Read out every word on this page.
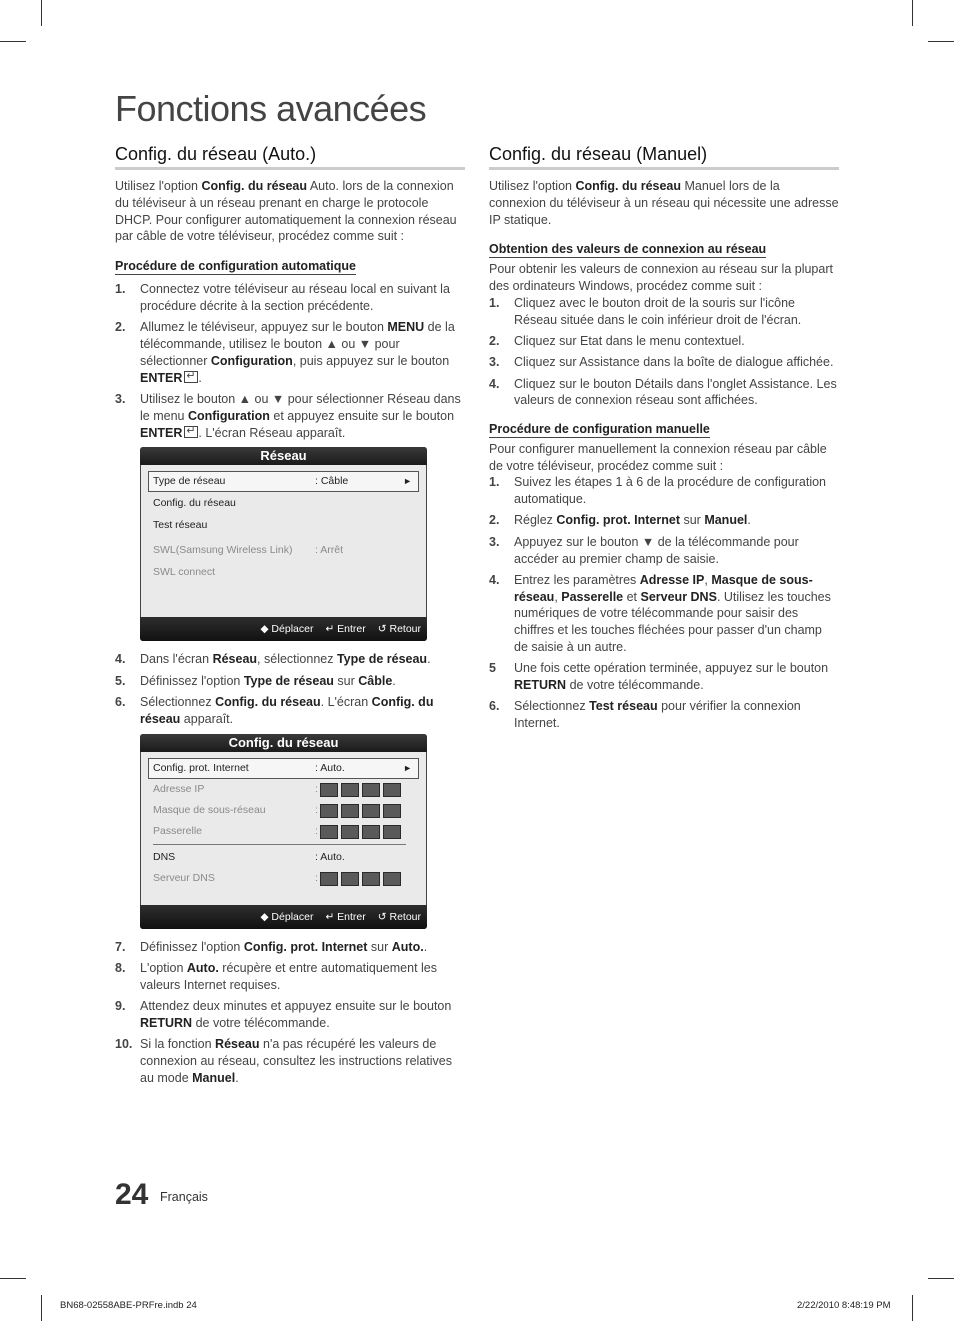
Fonctions avancées
Config. du réseau (Auto.)

Utilisez l'option Config. du réseau Auto. lors de la connexion du téléviseur à un réseau prenant en charge le protocole DHCP. Pour configurer automatiquement la connexion réseau par câble de votre téléviseur, procédez comme suit :

Procédure de configuration automatique
1. Connectez votre téléviseur au réseau local en suivant la procédure décrite à la section précédente.
2. Allumez le téléviseur, appuyez sur le bouton MENU de la télécommande, utilisez le bouton ▲ ou ▼ pour sélectionner Configuration, puis appuyez sur le bouton ENTER ↵ .
3. Utilisez le bouton ▲ ou ▼ pour sélectionner Réseau dans le menu Configuration et appuyez ensuite sur le bouton ENTER ↵ . L'écran Réseau apparaît.
Réseau
Type de réseau	: Câble	►
Config. du réseau
Test réseau
SWL(Samsung Wireless Link) : Arrêt
SWL connect
◆ Déplacer ↵ Entrer ↺ Retour
4. Dans l'écran Réseau, sélectionnez Type de réseau.
5. Définissez l'option Type de réseau sur Câble.
6. Sélectionnez Config. du réseau. L'écran Config. du réseau apparaît.
Config. du réseau
Config. prot. Internet	: Auto.	►
Adresse IP	:
Masque de sous-réseau	:
Passerelle	:
DNS	: Auto.
Serveur DNS	:
◆ Déplacer ↵ Entrer ↺ Retour
7. Définissez l'option Config. prot. Internet sur Auto..
8. L'option Auto. récupère et entre automatiquement les valeurs Internet requises.
9. Attendez deux minutes et appuyez ensuite sur le bouton RETURN de votre télécommande.
10. Si la fonction Réseau n'a pas récupéré les valeurs de connexion au réseau, consultez les instructions relatives au mode Manuel.
Config. du réseau (Manuel)

Utilisez l'option Config. du réseau Manuel lors de la connexion du téléviseur à un réseau qui nécessite une adresse IP statique.

Obtention des valeurs de connexion au réseau

Pour obtenir les valeurs de connexion au réseau sur la plupart des ordinateurs Windows, procédez comme suit :

1. Cliquez avec le bouton droit de la souris sur l'icône Réseau située dans le coin inférieur droit de l'écran.
2. Cliquez sur Etat dans le menu contextuel.
3. Cliquez sur Assistance dans la boîte de dialogue affichée.
4. Cliquez sur le bouton Détails dans l'onglet Assistance. Les valeurs de connexion réseau sont affichées.
Procédure de configuration manuelle

Pour configurer manuellement la connexion réseau par câble de votre téléviseur, procédez comme suit :

1. Suivez les étapes 1 à 6 de la procédure de configuration automatique.
2. Réglez Config. prot. Internet sur Manuel.
3. Appuyez sur le bouton ▼ de la télécommande pour accéder au premier champ de saisie.
4. Entrez les paramètres Adresse IP, Masque de sous-réseau, Passerelle et Serveur DNS. Utilisez les touches numériques de votre télécommande pour saisir des chiffres et les touches fléchées pour passer d'un champ de saisie à un autre.
5 Une fois cette opération terminée, appuyez sur le bouton RETURN de votre télécommande.
6. Sélectionnez Test réseau pour vérifier la connexion Internet.
24 Français
BN68-02558ABE-PRFre.indb 24	2/22/2010 8:48:19 PM
